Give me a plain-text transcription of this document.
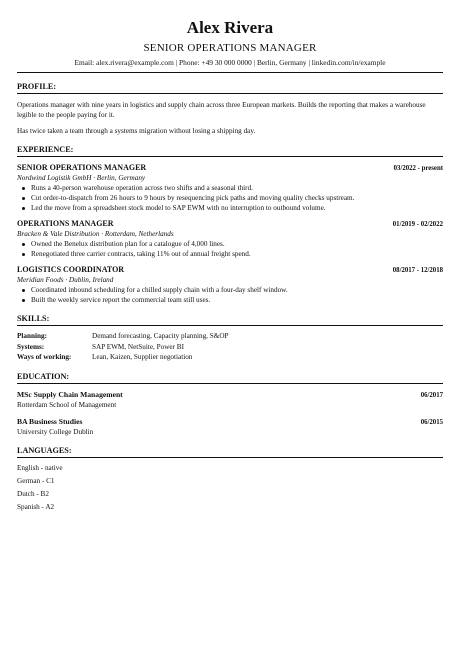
Alex Rivera
SENIOR OPERATIONS MANAGER
Email: alex.rivera@example.com | Phone: +49 30 000 0000 | Berlin, Germany | linkedin.com/in/example
PROFILE:
Operations manager with nine years in logistics and supply chain across three European markets. Builds the reporting that makes a warehouse legible to the people paying for it.
Has twice taken a team through a systems migration without losing a shipping day.
EXPERIENCE:
SENIOR OPERATIONS MANAGER	03/2022 - present
Nordwind Logistik GmbH · Berlin, Germany
Runs a 40-person warehouse operation across two shifts and a seasonal third.
Cut order-to-dispatch from 26 hours to 9 hours by resequencing pick paths and moving quality checks upstream.
Led the move from a spreadsheet stock model to SAP EWM with no interruption to outbound volume.
OPERATIONS MANAGER	01/2019 - 02/2022
Bracken & Vale Distribution · Rotterdam, Netherlands
Owned the Benelux distribution plan for a catalogue of 4,000 lines.
Renegotiated three carrier contracts, taking 11% out of annual freight spend.
LOGISTICS COORDINATOR	08/2017 - 12/2018
Meridian Foods · Dublin, Ireland
Coordinated inbound scheduling for a chilled supply chain with a four-day shelf window.
Built the weekly service report the commercial team still uses.
SKILLS:
Planning:	Demand forecasting, Capacity planning, S&OP
Systems:	SAP EWM, NetSuite, Power BI
Ways of working:	Lean, Kaizen, Supplier negotiation
EDUCATION:
MSc Supply Chain Management	06/2017
Rotterdam School of Management
BA Business Studies	06/2015
University College Dublin
LANGUAGES:
English - native
German - C1
Dutch - B2
Spanish - A2
